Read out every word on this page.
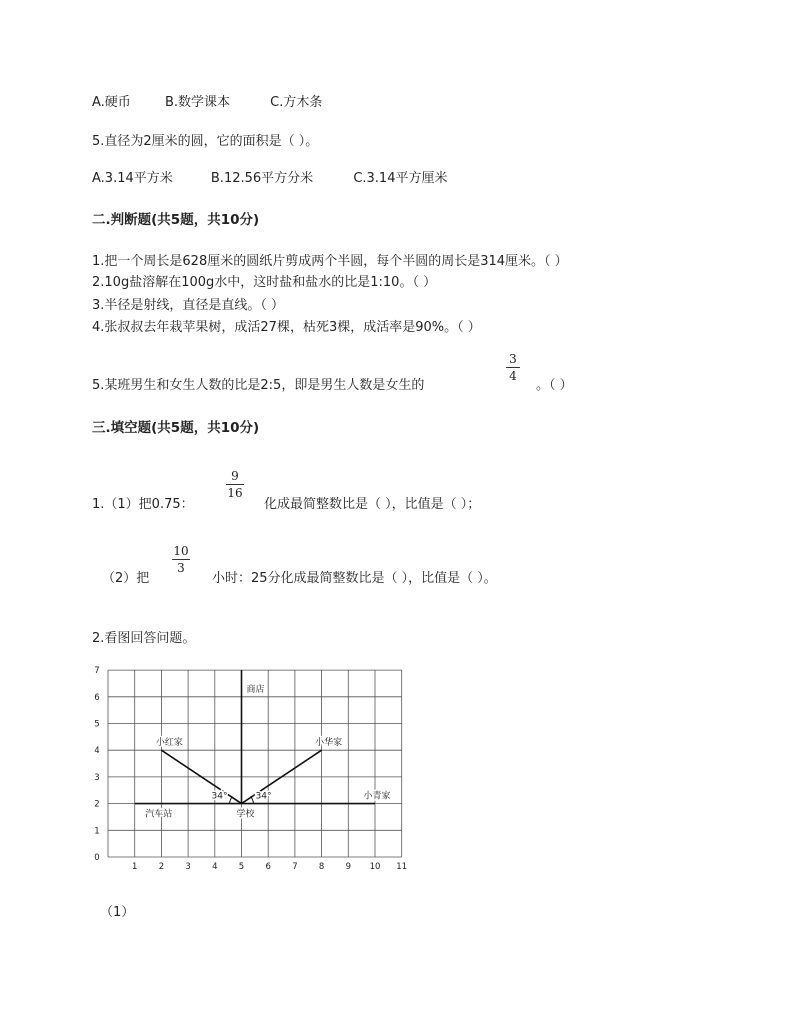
A.硬币	B.数学课本	C.方木条
5.直径为2厘米的圆，它的面积是（ ）。
A.3.14平方米	B.12.56平方分米	C.3.14平方厘米
二.判断题(共5题，共10分)
1.把一个周长是628厘米的圆纸片剪成两个半圆，每个半圆的周长是314厘米。（ ）
2.10g盐溶解在100g水中，这时盐和盐水的比是1:10。（ ）
3.半径是射线，直径是直线。（ ）
4.张叔叔去年栽苹果树，成活27棵，枯死3棵，成活率是90%。（ ）
5.某班男生和女生人数的比是2:5，即是男生人数是女生的
3
4
。（ ）
三.填空题(共5题，共10分)
1.（1）把0.75：
9
16
化成最简整数比是（ ），比值是（ ）；
（2）把
10
3
小时：25分化成最简整数比是（ ），比值是（ ）。
2.看图回答问题。
1	2	3	4	5	6	7	8	9 10 11
0
1
2
3
4
5
6
7
商店
小红家	小华家
小青家
汽车站	学校
34°	34°
（1）
